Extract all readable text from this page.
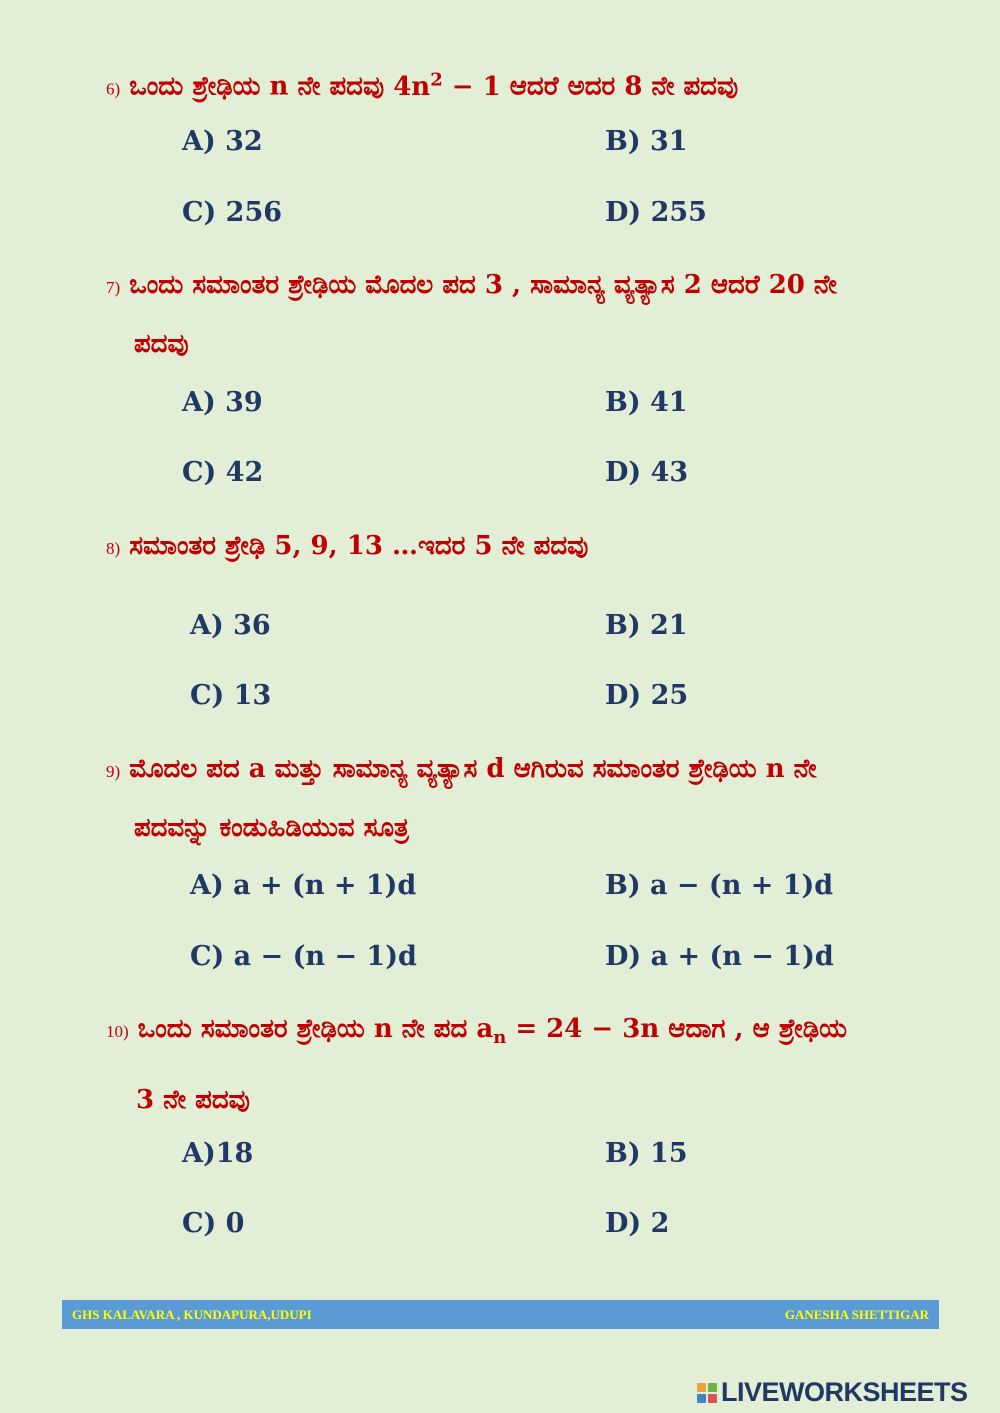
6) ಒಂದು ಶ್ರೇಢಿಯ n ನೇ ಪದವು $4n^2 - 1$ ಆದರೆ ಅದರ 8 ನೇ ಪದವು
A) 32	B) 31
C) 256	D) 255
7) ಒಂದು ಸಮಾಂತರ ಶ್ರೇಢಿಯ ಮೊದಲ ಪದ 3 , ಸಾಮಾನ್ಯ ವ್ಯತ್ಯಾಸ 2 ಆದರೆ 20 ನೇ
ಪದವು
A) 39	B) 41
C) 42	D) 43
8) ಸಮಾಂತರ ಶ್ರೇಢಿ 5, 9, 13 …ಇದರ 5 ನೇ ಪದವು
A) 36	B) 21
C) 13	D) 25
9) ಮೊದಲ ಪದ a ಮತ್ತು ಸಾಮಾನ್ಯ ವ್ಯತ್ಯಾಸ d ಆಗಿರುವ ಸಮಾಂತರ ಶ್ರೇಢಿಯ n ನೇ
ಪದವನ್ನು ಕಂಡುಹಿಡಿಯುವ ಸೂತ್ರ
A) a + (n + 1)d	B) a − (n + 1)d
C) a − (n − 1)d	D) a + (n − 1)d
10) ಒಂದು ಸಮಾಂತರ ಶ್ರೇಢಿಯ n ನೇ ಪದ $a_n = 24 - 3n$ ಆದಾಗ , ಆ ಶ್ರೇಢಿಯ
3 ನೇ ಪದವು
A)18	B) 15
C) 0	D) 2
GHS KALAVARA , KUNDAPURA,UDUPI	GANESHA SHETTIGAR
LIVEWORKSHEETS
